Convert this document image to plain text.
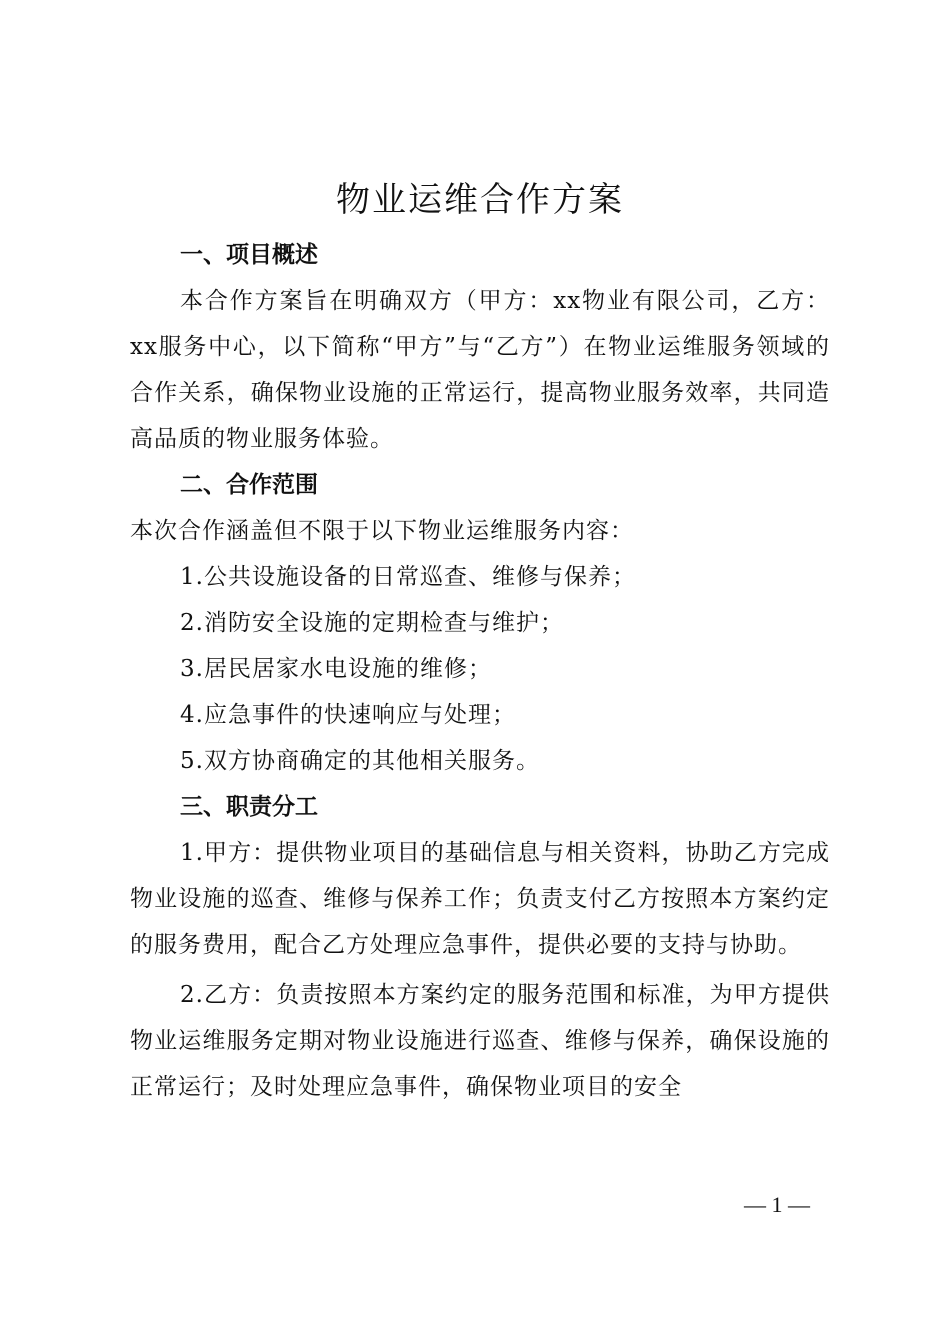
物业运维合作方案
一、项目概述

本合作方案旨在明确双方（甲方：xx物业有限公司，乙方：xx服务中心，以下简称“甲方”与“乙方”）在物业运维服务领域的合作关系，确保物业设施的正常运行，提高物业服务效率，共同造高品质的物业服务体验。

二、合作范围

本次合作涵盖但不限于以下物业运维服务内容：

1.公共设施设备的日常巡查、维修与保养；

2.消防安全设施的定期检查与维护；

3.居民居家水电设施的维修；

4.应急事件的快速响应与处理；

5.双方协商确定的其他相关服务。

三、职责分工

1.甲方：提供物业项目的基础信息与相关资料，协助乙方完成物业设施的巡查、维修与保养工作；负责支付乙方按照本方案约定的服务费用，配合乙方处理应急事件，提供必要的支持与协助。

2.乙方：负责按照本方案约定的服务范围和标准，为甲方提供物业运维服务定期对物业设施进行巡查、维修与保养，确保设施的正常运行；及时处理应急事件，确保物业项目的安全

— 1 —
